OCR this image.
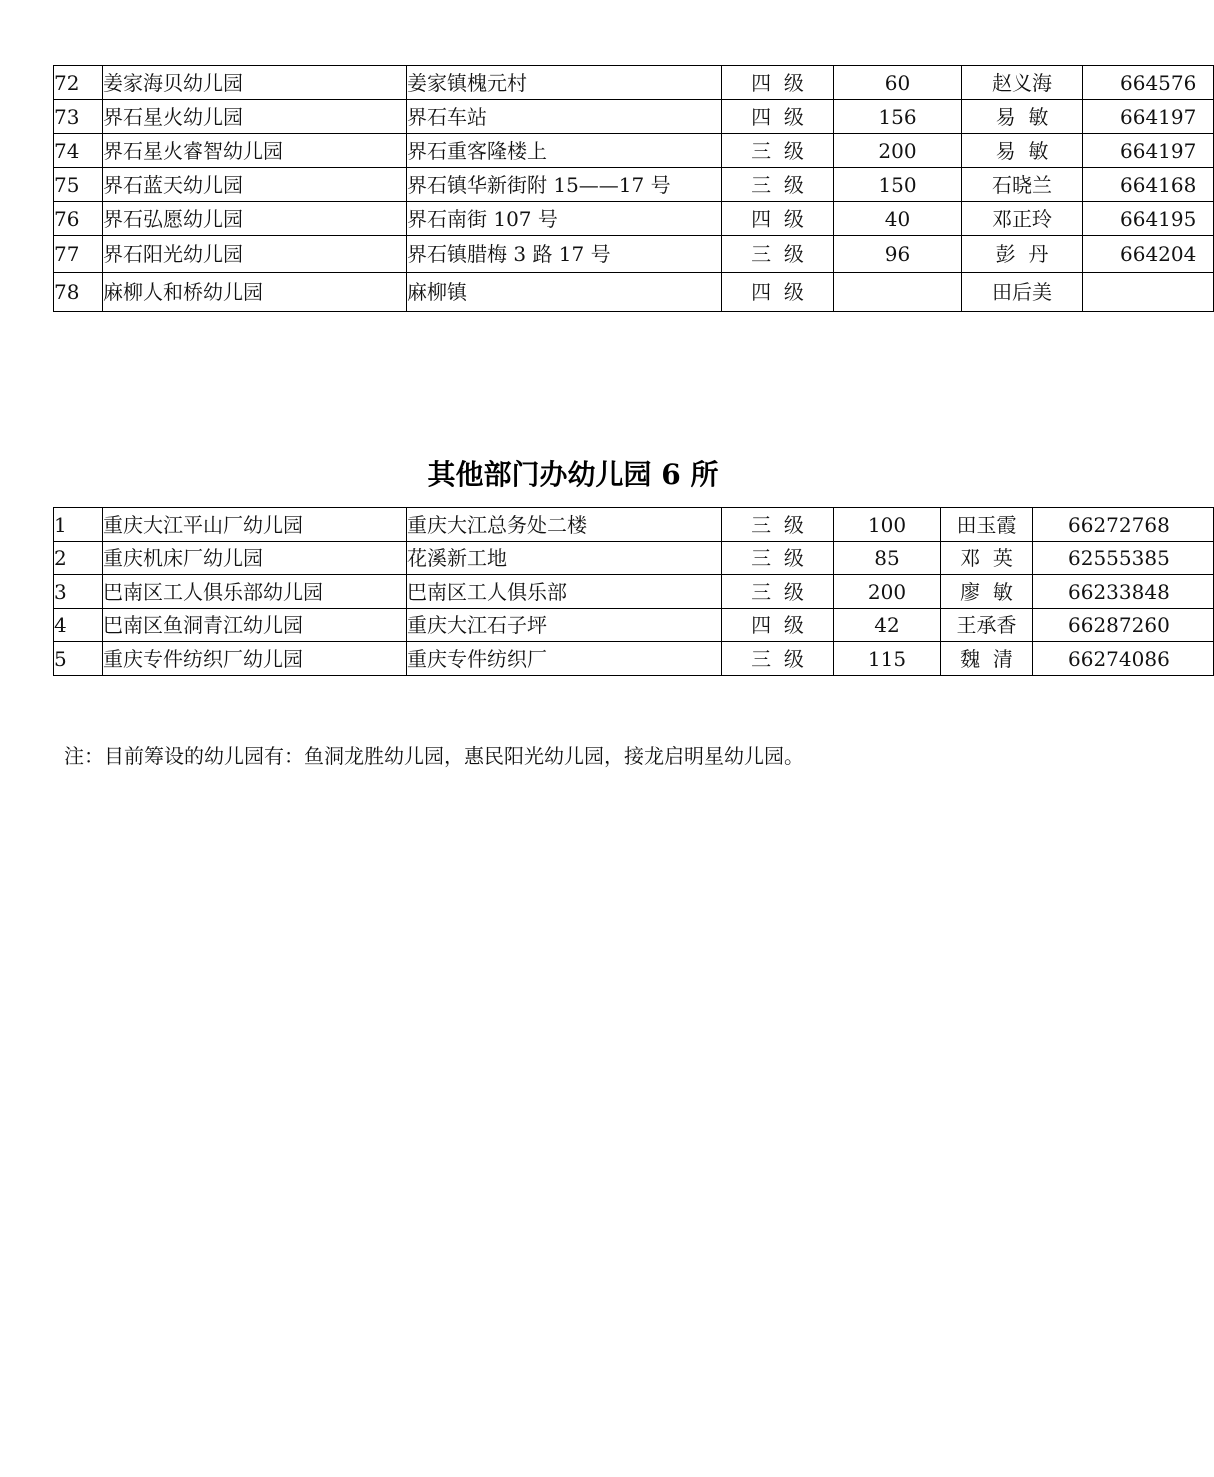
72	姜家海贝幼儿园	姜家镇槐元村	四  级	60	赵义海	664576
73	界石星火幼儿园	界石车站	四  级	156	易  敏	664197
74	界石星火睿智幼儿园	界石重客隆楼上	三  级	200	易  敏	664197
75	界石蓝天幼儿园	界石镇华新街附 15——17 号	三  级	150	石晓兰	664168
76	界石弘愿幼儿园	界石南街 107 号	四  级	40	邓正玲	664195
77	界石阳光幼儿园	界石镇腊梅 3 路 17 号	三  级	96	彭  丹	664204
78	麻柳人和桥幼儿园	麻柳镇	四  级		田后美	
其他部门办幼儿园 6 所
1	重庆大江平山厂幼儿园	重庆大江总务处二楼	三  级	100	田玉霞	66272768
2	重庆机床厂幼儿园	花溪新工地	三  级	85	邓  英	62555385
3	巴南区工人俱乐部幼儿园	巴南区工人俱乐部	三  级	200	廖  敏	66233848
4	巴南区鱼洞青江幼儿园	重庆大江石子坪	四  级	42	王承香	66287260
5	重庆专件纺织厂幼儿园	重庆专件纺织厂	三  级	115	魏  清	66274086
注：目前筹设的幼儿园有：鱼洞龙胜幼儿园，惠民阳光幼儿园，接龙启明星幼儿园。
